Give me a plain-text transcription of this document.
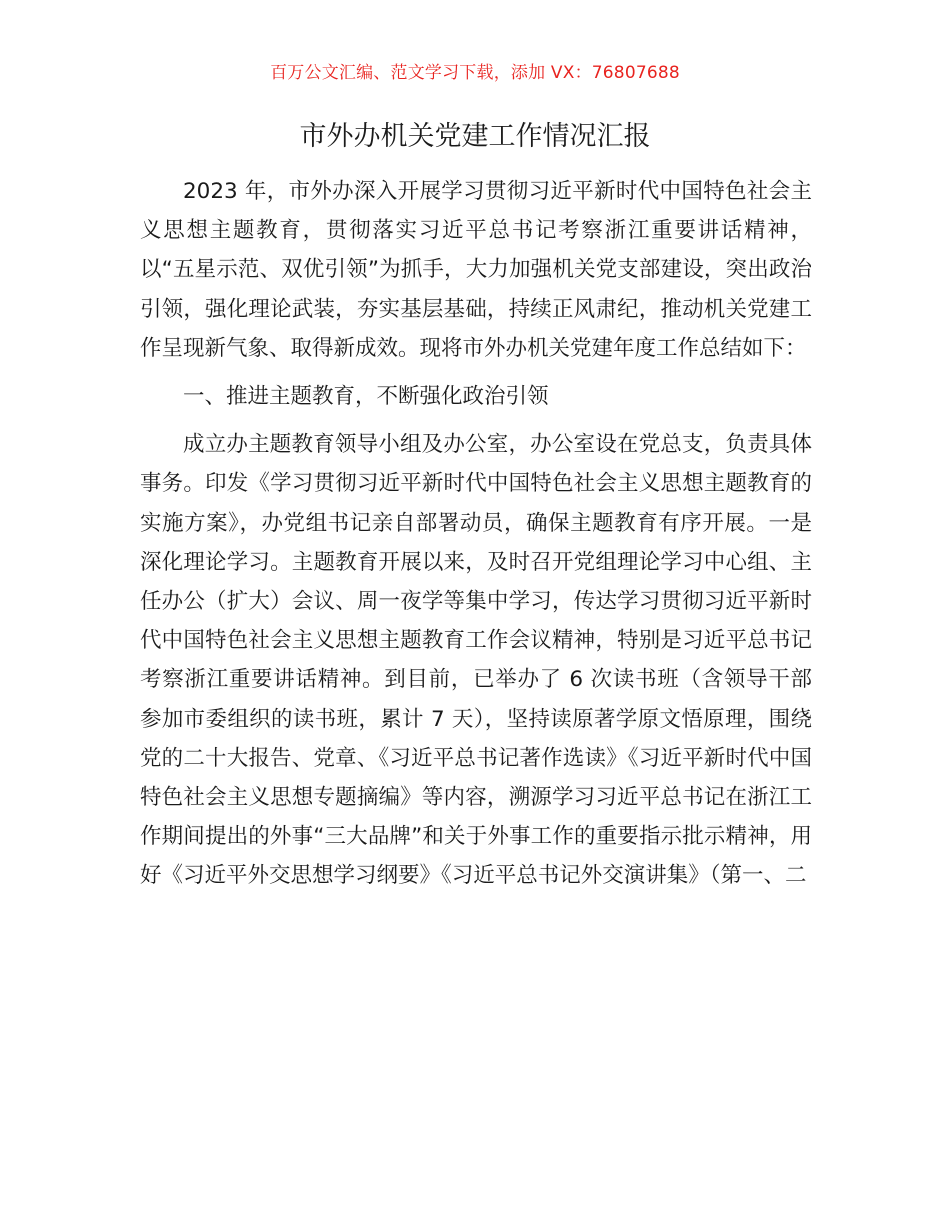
百万公文汇编、范文学习下载，添加 VX：76807688
市外办机关党建工作情况汇报

2023 年，市外办深入开展学习贯彻习近平新时代中国特色社会主义思想主题教育，贯彻落实习近平总书记考察浙江重要讲话精神，以“五星示范、双优引领”为抓手，大力加强机关党支部建设，突出政治引领，强化理论武装，夯实基层基础，持续正风肃纪，推动机关党建工作呈现新气象、取得新成效。现将市外办机关党建年度工作总结如下：

一、推进主题教育，不断强化政治引领

成立办主题教育领导小组及办公室，办公室设在党总支，负责具体事务。印发《学习贯彻习近平新时代中国特色社会主义思想主题教育的实施方案》，办党组书记亲自部署动员，确保主题教育有序开展。一是深化理论学习。主题教育开展以来，及时召开党组理论学习中心组、主任办公（扩大）会议、周一夜学等集中学习，传达学习贯彻习近平新时代中国特色社会主义思想主题教育工作会议精神，特别是习近平总书记考察浙江重要讲话精神。到目前，已举办了 6 次读书班（含领导干部参加市委组织的读书班，累计 7 天），坚持读原著学原文悟原理，围绕党的二十大报告、党章、《习近平总书记著作选读》《习近平新时代中国特色社会主义思想专题摘编》等内容，溯源学习习近平总书记在浙江工作期间提出的外事“三大品牌”和关于外事工作的重要指示批示精神，用好《习近平外交思想学习纲要》《习近平总书记外交演讲集》（第一、二
